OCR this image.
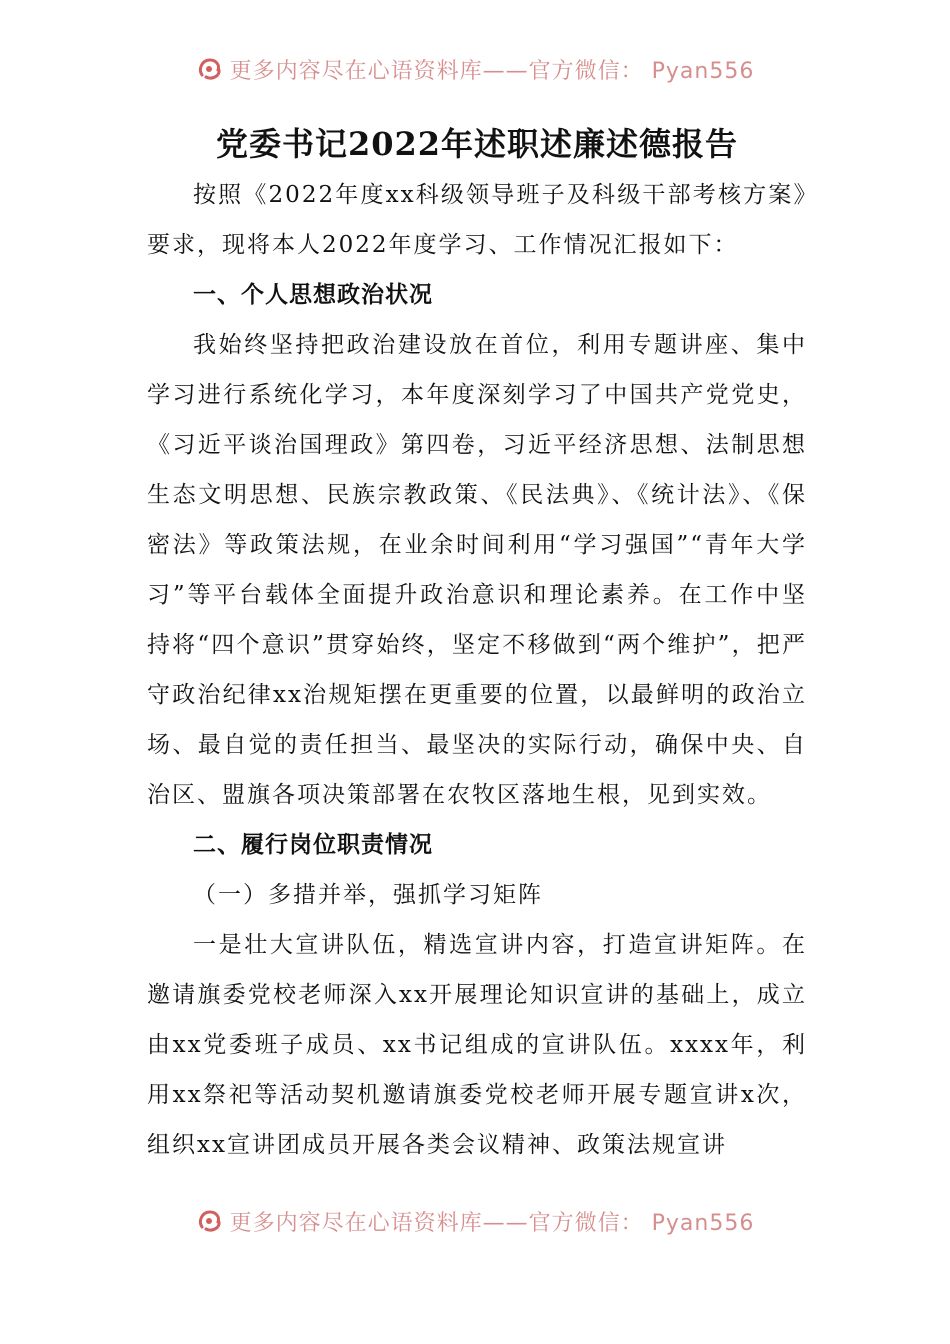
更多内容尽在心语资料库——官方微信： Pyan556
党委书记2022年述职述廉述德报告

按照《2022年度xx科级领导班子及科级干部考核方案》要求，现将本人2022年度学习、工作情况汇报如下：

一、个人思想政治状况

我始终坚持把政治建设放在首位，利用专题讲座、集中学习进行系统化学习，本年度深刻学习了中国共产党党史，《习近平谈治国理政》第四卷，习近平经济思想、法制思想生态文明思想、民族宗教政策、《民法典》、《统计法》、《保密法》等政策法规，在业余时间利用“学习强国”“青年大学习”等平台载体全面提升政治意识和理论素养。在工作中坚持将“四个意识”贯穿始终，坚定不移做到“两个维护”，把严守政治纪律xx治规矩摆在更重要的位置，以最鲜明的政治立场、最自觉的责任担当、最坚决的实际行动，确保中央、自治区、盟旗各项决策部署在农牧区落地生根，见到实效。

二、履行岗位职责情况

（一）多措并举，强抓学习矩阵

一是壮大宣讲队伍，精选宣讲内容，打造宣讲矩阵。在邀请旗委党校老师深入xx开展理论知识宣讲的基础上，成立由xx党委班子成员、xx书记组成的宣讲队伍。xxxx年，利用xx祭祀等活动契机邀请旗委党校老师开展专题宣讲x次，组织xx宣讲团成员开展各类会议精神、政策法规宣讲

更多内容尽在心语资料库——官方微信： Pyan556
